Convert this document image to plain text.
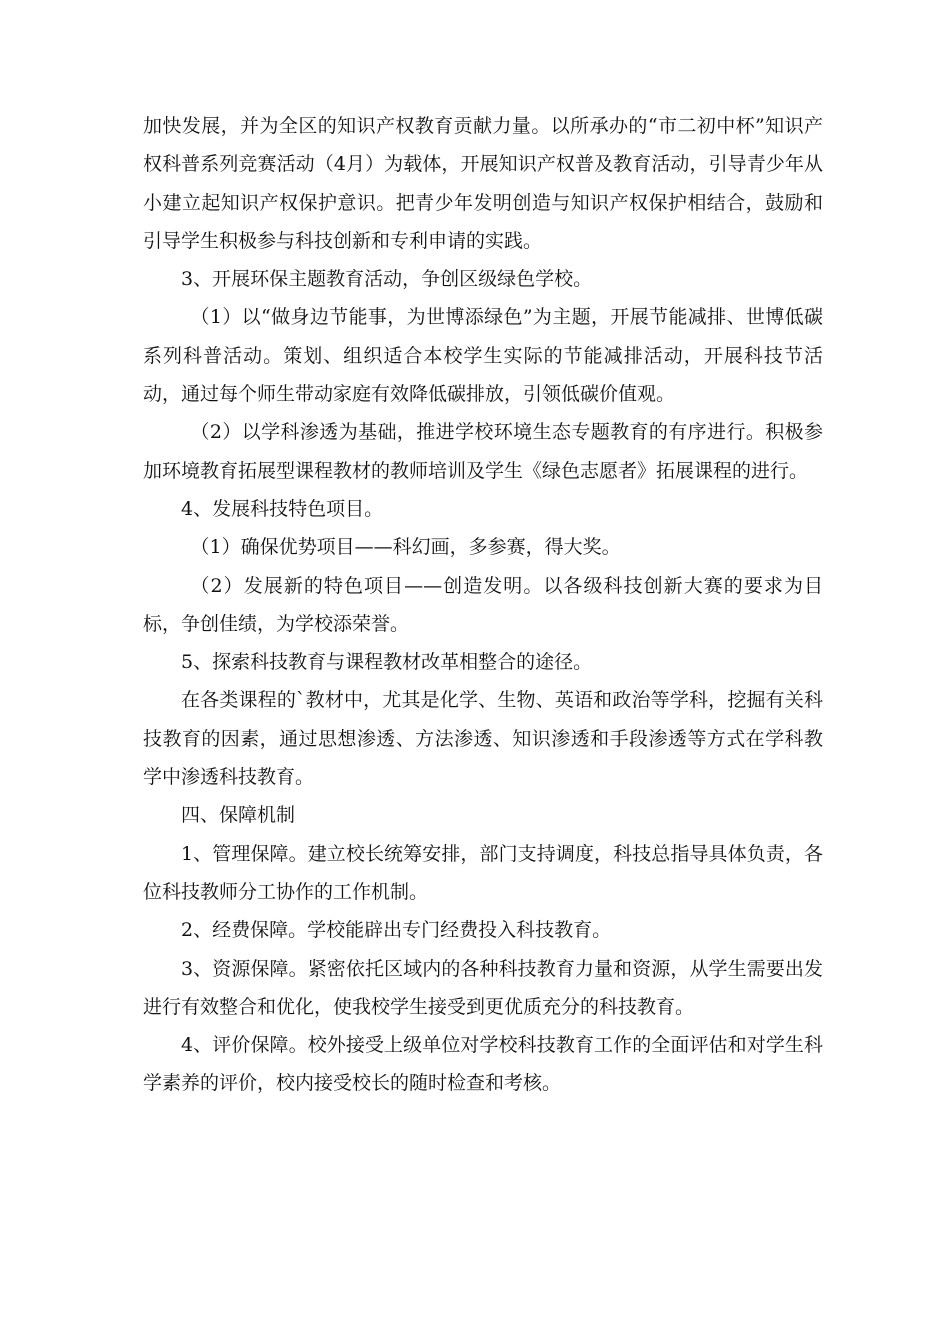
加快发展，并为全区的知识产权教育贡献力量。以所承办的“市二初中杯”知识产权科普系列竞赛活动（4月）为载体，开展知识产权普及教育活动，引导青少年从小建立起知识产权保护意识。把青少年发明创造与知识产权保护相结合，鼓励和引导学生积极参与科技创新和专利申请的实践。

3、开展环保主题教育活动，争创区级绿色学校。

（1）以“做身边节能事，为世博添绿色”为主题，开展节能减排、世博低碳系列科普活动。策划、组织适合本校学生实际的节能减排活动，开展科技节活动，通过每个师生带动家庭有效降低碳排放，引领低碳价值观。

（2）以学科渗透为基础，推进学校环境生态专题教育的有序进行。积极参加环境教育拓展型课程教材的教师培训及学生《绿色志愿者》拓展课程的进行。

4、发展科技特色项目。

（1）确保优势项目——科幻画，多参赛，得大奖。

（2）发展新的特色项目——创造发明。以各级科技创新大赛的要求为目标，争创佳绩，为学校添荣誉。

5、探索科技教育与课程教材改革相整合的途径。

在各类课程的`教材中，尤其是化学、生物、英语和政治等学科，挖掘有关科技教育的因素，通过思想渗透、方法渗透、知识渗透和手段渗透等方式在学科教学中渗透科技教育。

四、保障机制

1、管理保障。建立校长统筹安排，部门支持调度，科技总指导具体负责，各位科技教师分工协作的工作机制。

2、经费保障。学校能辟出专门经费投入科技教育。

3、资源保障。紧密依托区域内的各种科技教育力量和资源，从学生需要出发进行有效整合和优化，使我校学生接受到更优质充分的科技教育。

4、评价保障。校外接受上级单位对学校科技教育工作的全面评估和对学生科学素养的评价，校内接受校长的随时检查和考核。
